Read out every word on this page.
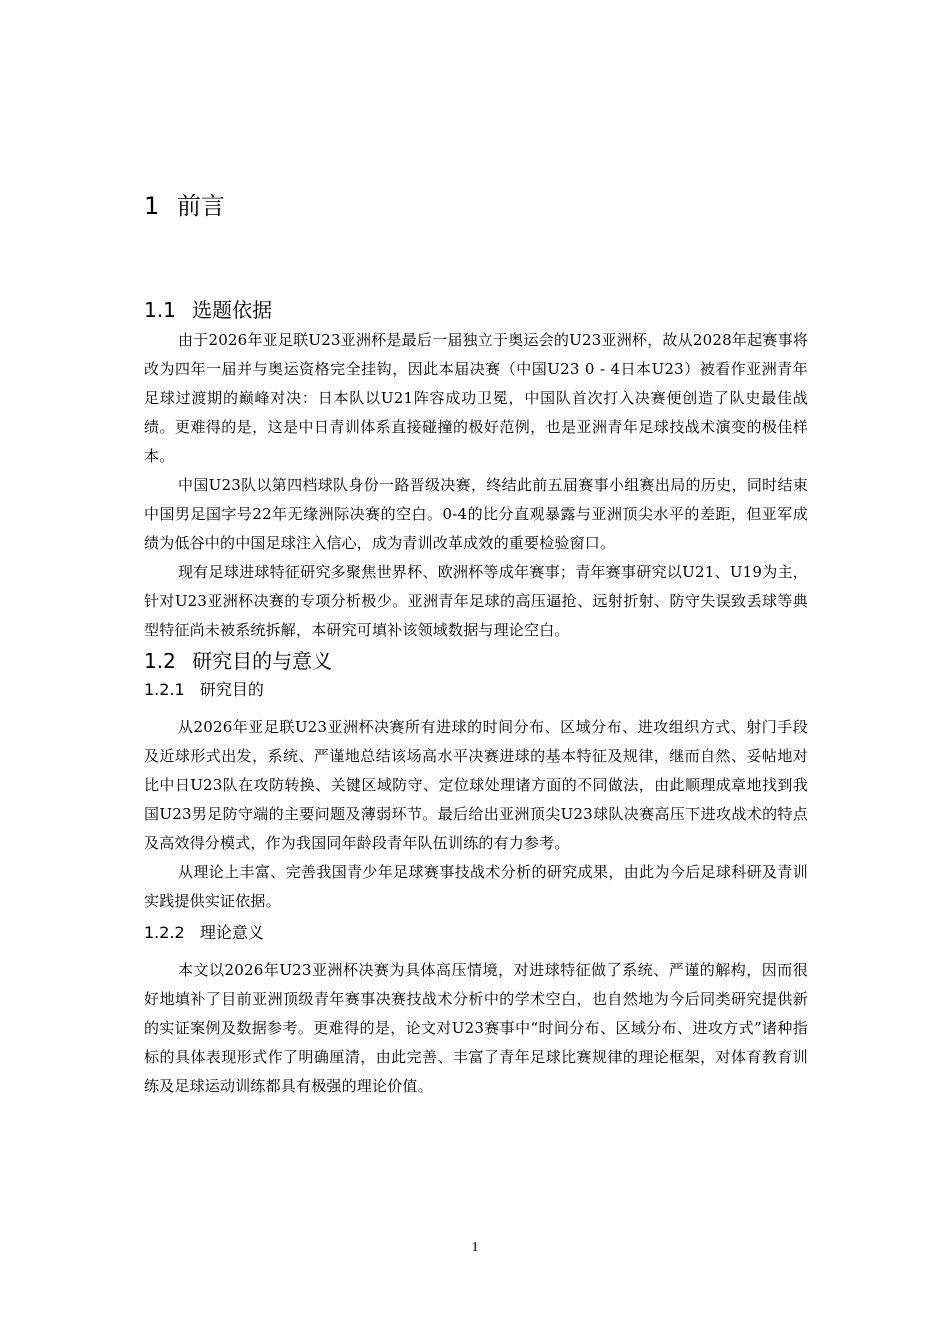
1 前言
1.1 选题依据

由于2026年亚足联U23亚洲杯是最后一届独立于奥运会的U23亚洲杯，故从2028年起赛事将改为四年一届并与奥运资格完全挂钩，因此本届决赛（中国U23 0 - 4日本U23）被看作亚洲青年足球过渡期的巅峰对决：日本队以U21阵容成功卫冕，中国队首次打入决赛便创造了队史最佳战绩。更难得的是，这是中日青训体系直接碰撞的极好范例，也是亚洲青年足球技战术演变的极佳样本。

中国U23队以第四档球队身份一路晋级决赛，终结此前五届赛事小组赛出局的历史，同时结束中国男足国字号22年无缘洲际决赛的空白。0-4的比分直观暴露与亚洲顶尖水平的差距，但亚军成绩为低谷中的中国足球注入信心，成为青训改革成效的重要检验窗口。

现有足球进球特征研究多聚焦世界杯、欧洲杯等成年赛事；青年赛事研究以U21、U19为主，针对U23亚洲杯决赛的专项分析极少。亚洲青年足球的高压逼抢、远射折射、防守失误致丢球等典型特征尚未被系统拆解，本研究可填补该领域数据与理论空白。

1.2 研究目的与意义
1.2.1 研究目的

从2026年亚足联U23亚洲杯决赛所有进球的时间分布、区域分布、进攻组织方式、射门手段及近球形式出发，系统、严谨地总结该场高水平决赛进球的基本特征及规律，继而自然、妥帖地对比中日U23队在攻防转换、关键区域防守、定位球处理诸方面的不同做法，由此顺理成章地找到我国U23男足防守端的主要问题及薄弱环节。最后给出亚洲顶尖U23球队决赛高压下进攻战术的特点及高效得分模式，作为我国同年龄段青年队伍训练的有力参考。

从理论上丰富、完善我国青少年足球赛事技战术分析的研究成果，由此为今后足球科研及青训实践提供实证依据。

1.2.2 理论意义

本文以2026年U23亚洲杯决赛为具体高压情境，对进球特征做了系统、严谨的解构，因而很好地填补了目前亚洲顶级青年赛事决赛技战术分析中的学术空白，也自然地为今后同类研究提供新的实证案例及数据参考。更难得的是，论文对U23赛事中“时间分布、区域分布、进攻方式”诸种指标的具体表现形式作了明确厘清，由此完善、丰富了青年足球比赛规律的理论框架，对体育教育训练及足球运动训练都具有极强的理论价值。

1
